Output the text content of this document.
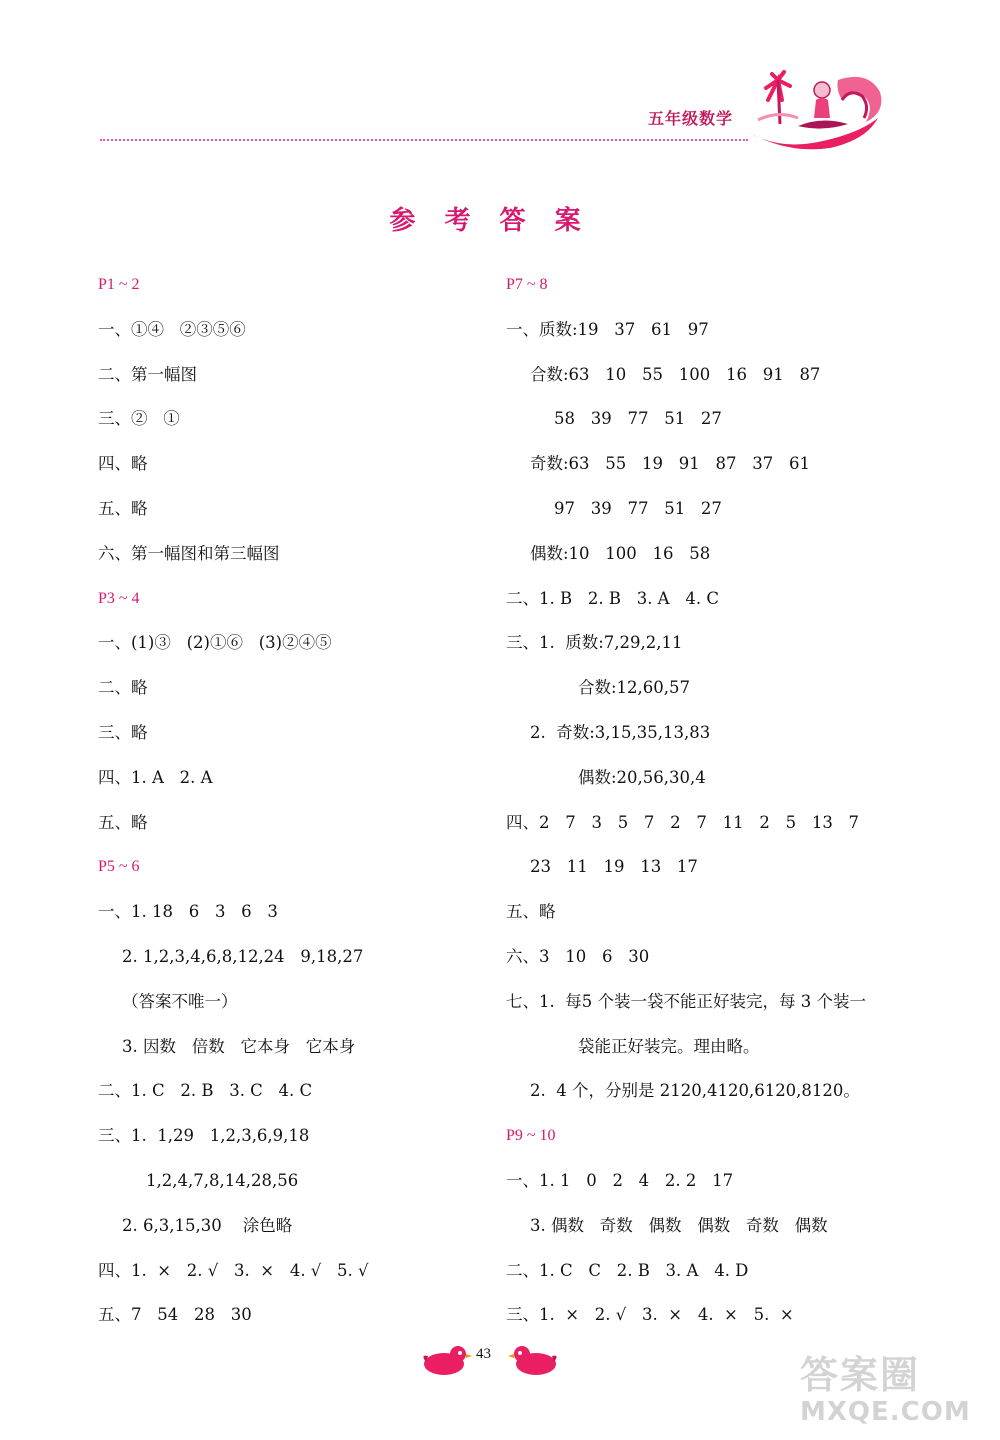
五年级数学
参 考 答 案
P1 ~ 2
一、①④   ②③⑤⑥
二、第一幅图
三、②   ①
四、略
五、略
六、第一幅图和第三幅图
P3 ~ 4
一、(1)③   (2)①⑥   (3)②④⑤
二、略
三、略
四、1. A   2. A
五、略
P5 ~ 6
一、1. 18   6   3   6   3
2. 1,2,3,4,6,8,12,24   9,18,27
（答案不唯一）
3. 因数   倍数   它本身   它本身
二、1. C   2. B   3. C   4. C
三、1.  1,29   1,2,3,6,9,18
1,2,4,7,8,14,28,56
2. 6,3,15,30    涂色略
四、1.  ×   2. √   3.  ×   4. √   5. √
五、7   54   28   30
P7 ~ 8
一、质数:19   37   61   97
合数:63   10   55   100   16   91   87
58   39   77   51   27
奇数:63   55   19   91   87   37   61
97   39   77   51   27
偶数:10   100   16   58
二、1. B   2. B   3. A   4. C
三、1.  质数:7,29,2,11
合数:12,60,57
2.  奇数:3,15,35,13,83
偶数:20,56,30,4
四、2   7   3   5   7   2   7   11   2   5   13   7
23   11   19   13   17
五、略
六、3   10   6   30
七、1.  每5 个装一袋不能正好装完，每 3 个装一
袋能正好装完。理由略。
2.  4 个，分别是 2120,4120,6120,8120。
P9 ~ 10
一、1. 1   0   2   4   2. 2   17
3. 偶数   奇数   偶数   偶数   奇数   偶数
二、1. C   C   2. B   3. A   4. D
三、1.  ×   2. √   3.  ×   4.  ×   5.  ×
43	答案圈
MXQE.COM
